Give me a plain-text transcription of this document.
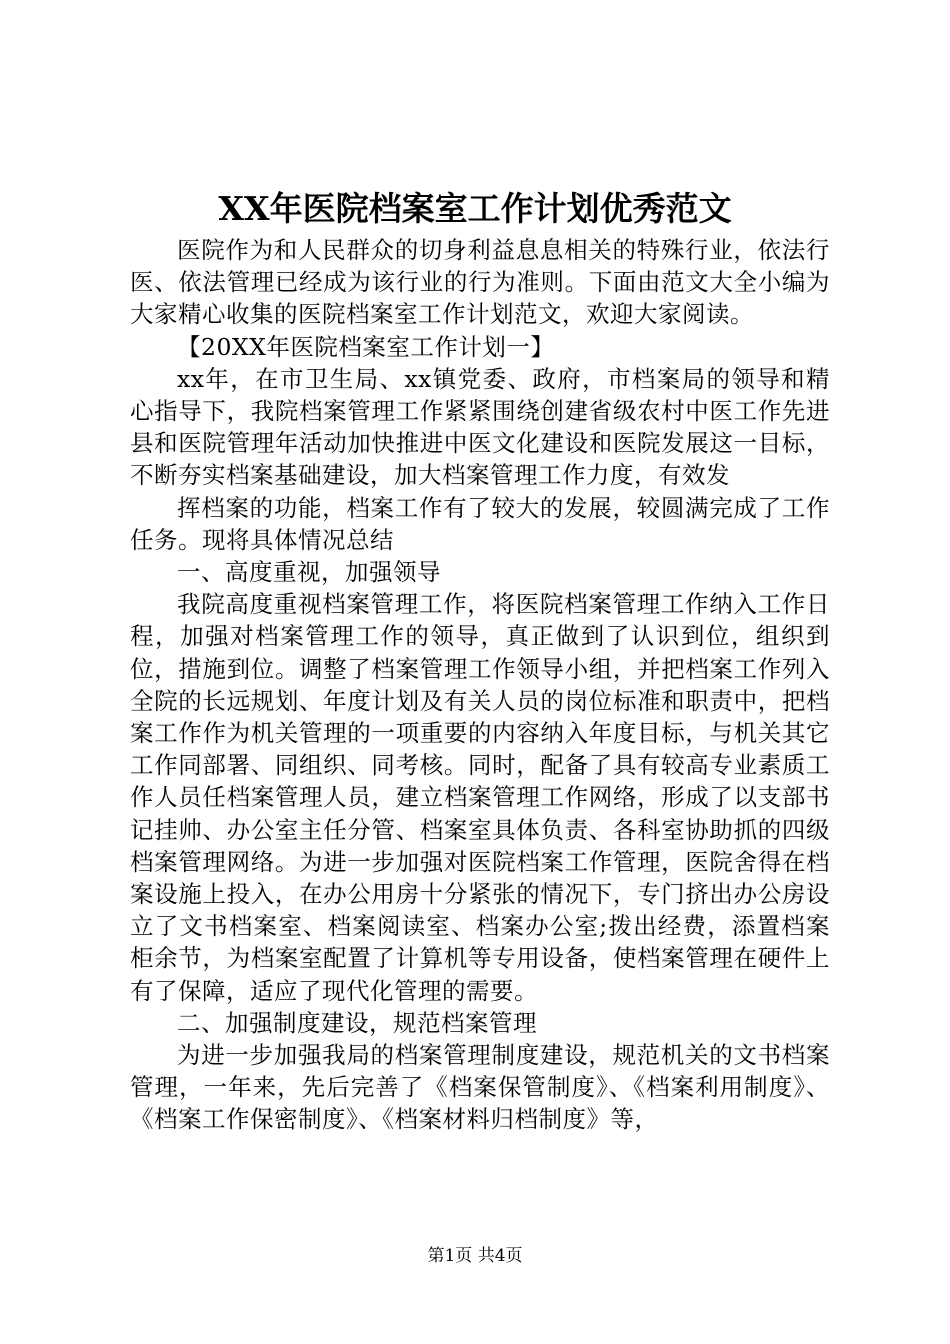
XX年医院档案室工作计划优秀范文

医院作为和人民群众的切身利益息息相关的特殊行业，依法行医、依法管理已经成为该行业的行为准则。下面由范文大全小编为大家精心收集的医院档案室工作计划范文，欢迎大家阅读。

【20XX年医院档案室工作计划一】

xx年，在市卫生局、xx镇党委、政府，市档案局的领导和精心指导下，我院档案管理工作紧紧围绕创建省级农村中医工作先进县和医院管理年活动加快推进中医文化建设和医院发展这一目标，不断夯实档案基础建设，加大档案管理工作力度，有效发

挥档案的功能，档案工作有了较大的发展，较圆满完成了工作任务。现将具体情况总结

一、高度重视，加强领导

我院高度重视档案管理工作，将医院档案管理工作纳入工作日程，加强对档案管理工作的领导，真正做到了认识到位，组织到位，措施到位。调整了档案管理工作领导小组，并把档案工作列入全院的长远规划、年度计划及有关人员的岗位标准和职责中，把档案工作作为机关管理的一项重要的内容纳入年度目标，与机关其它工作同部署、同组织、同考核。同时，配备了具有较高专业素质工作人员任档案管理人员，建立档案管理工作网络，形成了以支部书记挂帅、办公室主任分管、档案室具体负责、各科室协助抓的四级档案管理网络。为进一步加强对医院档案工作管理，医院舍得在档案设施上投入，在办公用房十分紧张的情况下，专门挤出办公房设立了文书档案室、档案阅读室、档案办公室;拨出经费，添置档案柜余节，为档案室配置了计算机等专用设备，使档案管理在硬件上有了保障，适应了现代化管理的需要。

二、加强制度建设，规范档案管理

为进一步加强我局的档案管理制度建设，规范机关的文书档案管理，一年来，先后完善了《档案保管制度》、《档案利用制度》、《档案工作保密制度》、《档案材料归档制度》等，

第1页 共4页
